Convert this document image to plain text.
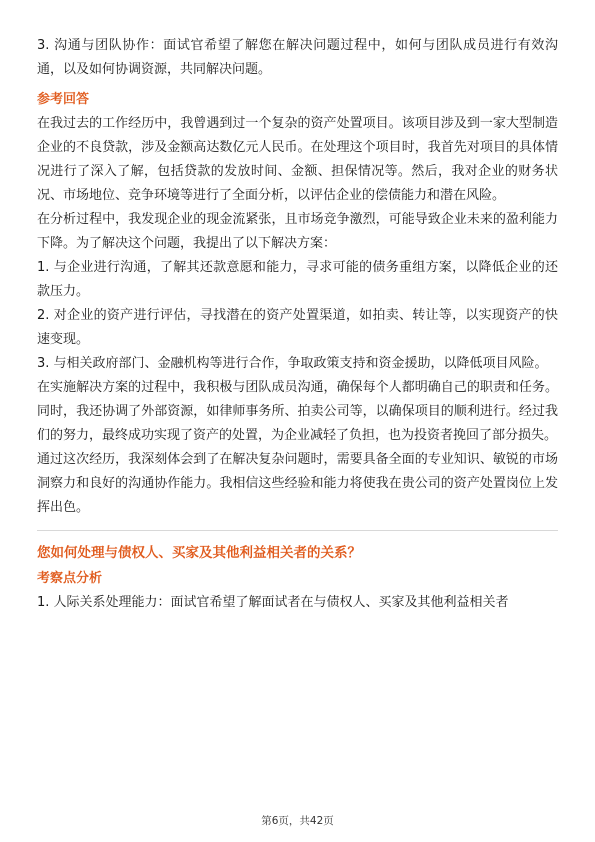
3. 沟通与团队协作：面试官希望了解您在解决问题过程中，如何与团队成员进行有效沟通，以及如何协调资源，共同解决问题。

参考回答

在我过去的工作经历中，我曾遇到过一个复杂的资产处置项目。该项目涉及到一家大型制造企业的不良贷款，涉及金额高达数亿元人民币。在处理这个项目时，我首先对项目的具体情况进行了深入了解，包括贷款的发放时间、金额、担保情况等。然后，我对企业的财务状况、市场地位、竞争环境等进行了全面分析，以评估企业的偿债能力和潜在风险。

在分析过程中，我发现企业的现金流紧张，且市场竞争激烈，可能导致企业未来的盈利能力下降。为了解决这个问题，我提出了以下解决方案：

1. 与企业进行沟通，了解其还款意愿和能力，寻求可能的债务重组方案，以降低企业的还款压力。

2. 对企业的资产进行评估，寻找潜在的资产处置渠道，如拍卖、转让等，以实现资产的快速变现。

3. 与相关政府部门、金融机构等进行合作，争取政策支持和资金援助，以降低项目风险。

在实施解决方案的过程中，我积极与团队成员沟通，确保每个人都明确自己的职责和任务。同时，我还协调了外部资源，如律师事务所、拍卖公司等，以确保项目的顺利进行。经过我们的努力，最终成功实现了资产的处置，为企业减轻了负担，也为投资者挽回了部分损失。

通过这次经历，我深刻体会到了在解决复杂问题时，需要具备全面的专业知识、敏锐的市场洞察力和良好的沟通协作能力。我相信这些经验和能力将使我在贵公司的资产处置岗位上发挥出色。

您如何处理与债权人、买家及其他利益相关者的关系？

考察点分析

1. 人际关系处理能力：面试官希望了解面试者在与债权人、买家及其他利益相关者

第6页，共42页
